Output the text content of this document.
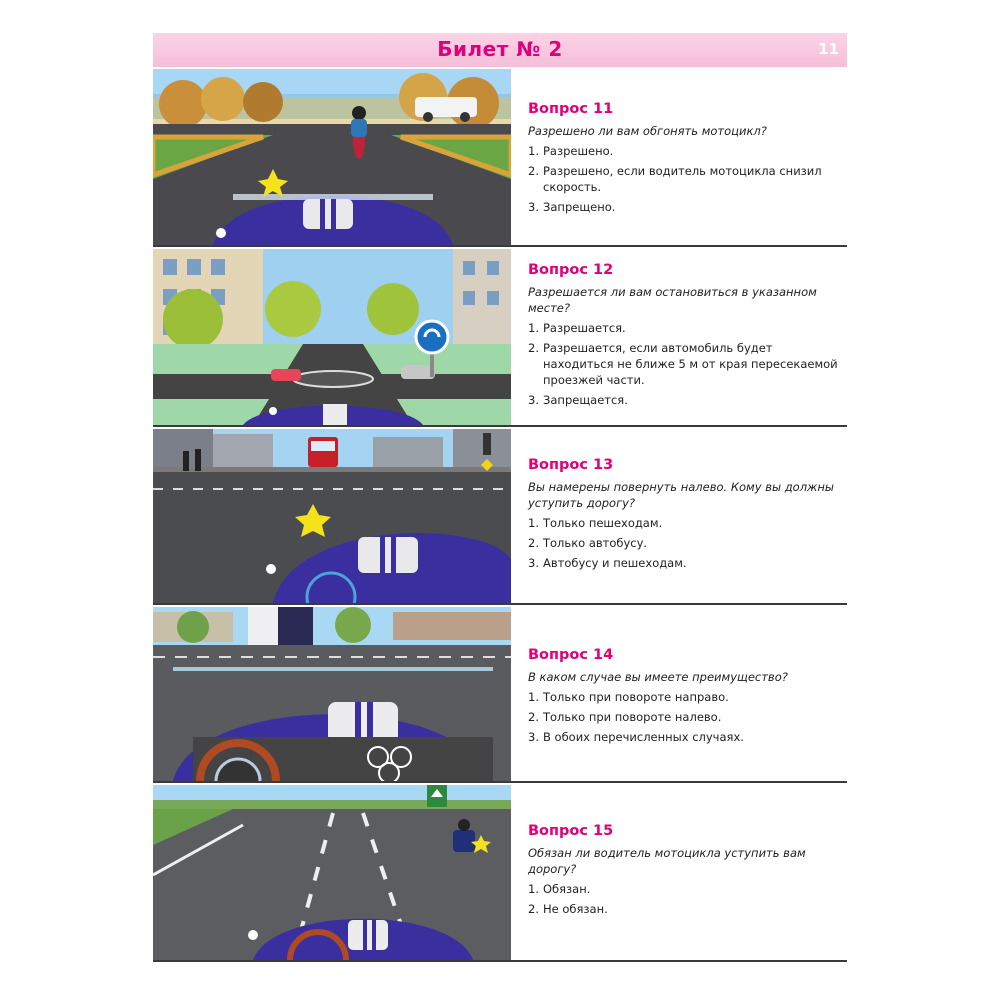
Билет № 2	11
Вопрос 11
Разрешено ли вам обгонять мотоцикл?
1. Разрешено.
2. Разрешено, если водитель мотоцикла снизил скорость.
3. Запрещено.
Вопрос 12
Разрешается ли вам остановиться в указанном месте?
1. Разрешается.
2. Разрешается, если автомобиль будет находиться не ближе 5 м от края пересекаемой проезжей части.
3. Запрещается.
Вопрос 13
Вы намерены повернуть налево. Кому вы должны уступить дорогу?
1. Только пешеходам.
2. Только автобусу.
3. Автобусу и пешеходам.
Вопрос 14
В каком случае вы имеете преимущество?
1. Только при повороте направо.
2. Только при повороте налево.
3. В обоих перечисленных случаях.
Вопрос 15
Обязан ли водитель мотоцикла уступить вам дорогу?
1. Обязан.
2. Не обязан.
